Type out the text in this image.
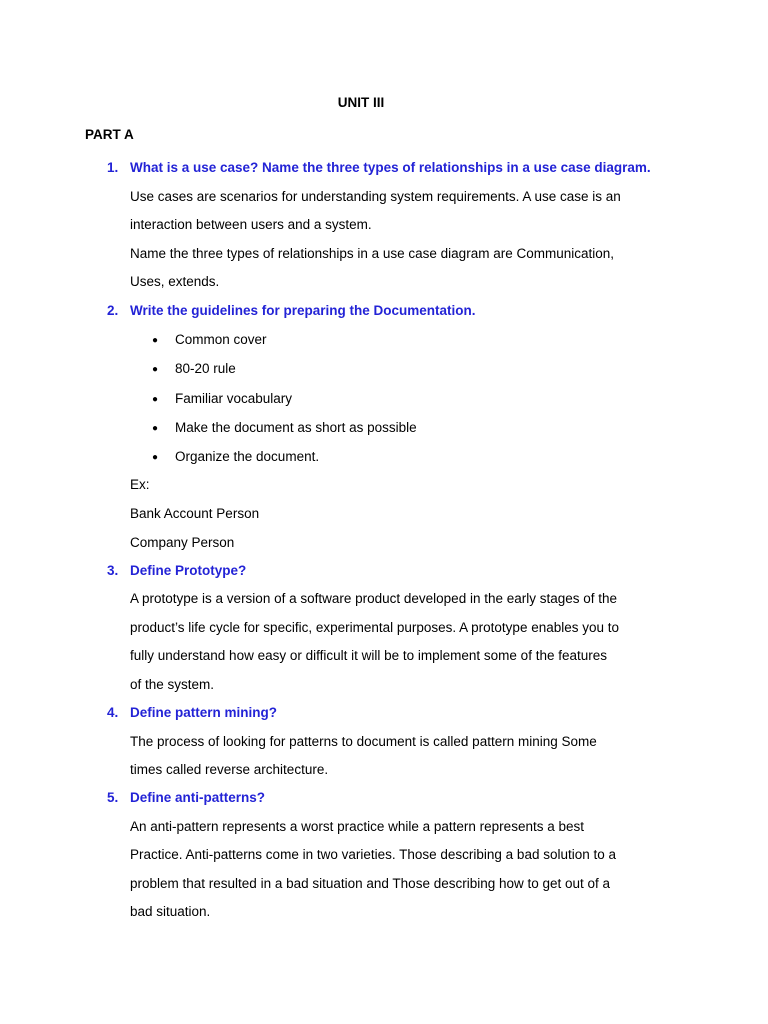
UNIT III
PART A
1. What is a use case? Name the three types of relationships in a use case diagram.
Use cases are scenarios for understanding system requirements. A use case is an
interaction between users and a system.
Name the three types of relationships in a use case diagram are Communication,
Uses, extends.
2. Write the guidelines for preparing the Documentation.
● Common cover
● 80-20 rule
● Familiar vocabulary
● Make the document as short as possible
● Organize the document.
Ex:
Bank Account Person
Company Person
3. Define Prototype?
A prototype is a version of a software product developed in the early stages of the
product’s life cycle for specific, experimental purposes. A prototype enables you to
fully understand how easy or difficult it will be to implement some of the features
of the system.
4. Define pattern mining?
The process of looking for patterns to document is called pattern mining Some
times called reverse architecture.
5. Define anti-patterns?
An anti-pattern represents a worst practice while a pattern represents a best
Practice. Anti-patterns come in two varieties. Those describing a bad solution to a
problem that resulted in a bad situation and Those describing how to get out of a
bad situation.
